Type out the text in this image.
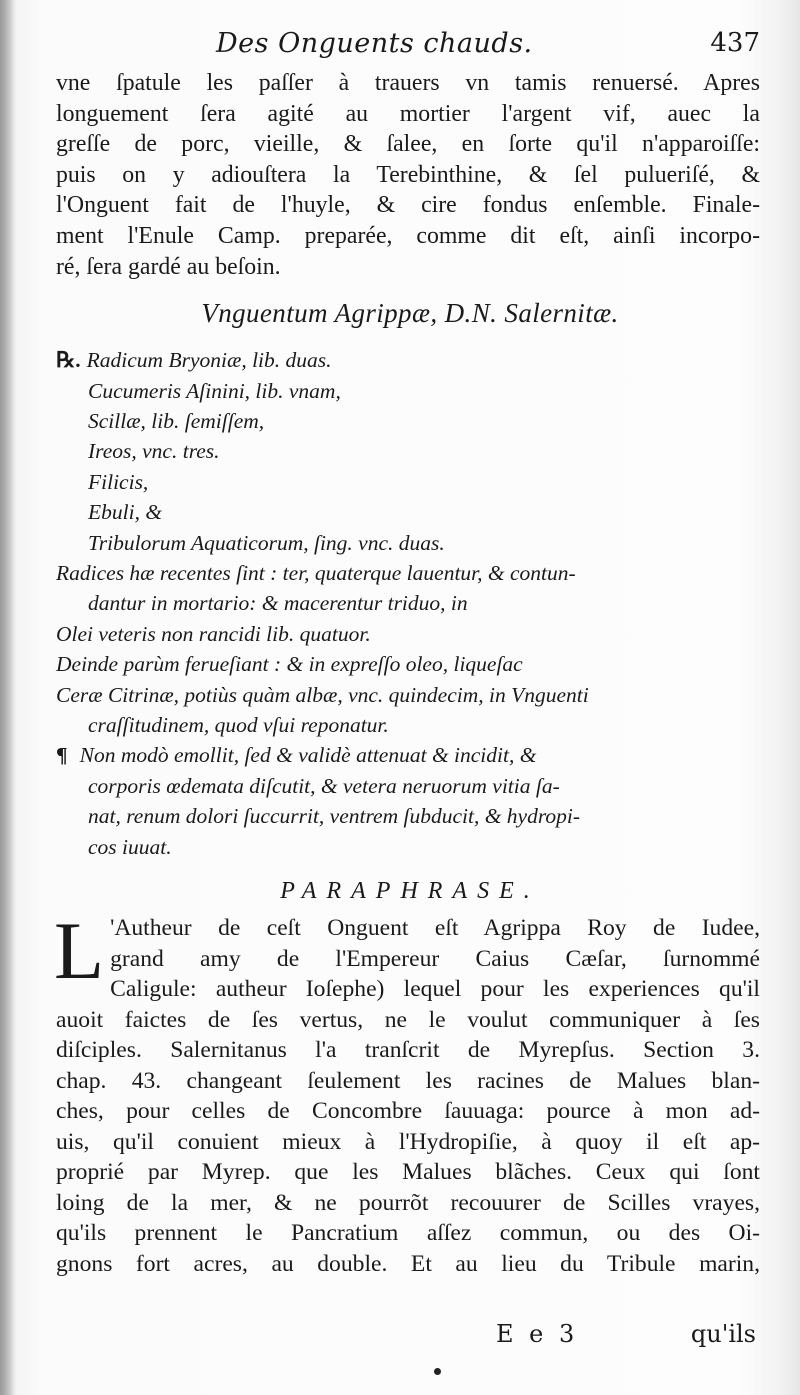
Des Onguents chauds.	437
vne ſpatule les paſſer à trauers vn tamis renuersé. Apres
longuement ſera agité au mortier l'argent vif, auec la
greſſe de porc, vieille, & ſalee, en ſorte qu'il n'apparoiſſe:
puis on y adiouſtera la Terebinthine, & ſel pulueriſé, &
l'Onguent fait de l'huyle, & cire fondus enſemble. Finale-
ment l'Enule Camp. preparée, comme dit eſt, ainſi incorpo-
ré, ſera gardé au beſoin.
Vnguentum Agrippæ, D.N. Salernitæ.
℞. Radicum Bryoniæ, lib. duas.
Cucumeris Aſinini, lib. vnam,
Scillæ, lib. ſemiſſem,
Ireos, vnc. tres.
Filicis,
Ebuli, &
Tribulorum Aquaticorum, ſing. vnc. duas.
Radices hæ recentes ſint : ter, quaterque lauentur, & contun-
dantur in mortario: & macerentur triduo, in
Olei veteris non rancidi lib. quatuor.
Deinde parùm ferueſiant : & in expreſſo oleo, liqueſac
Ceræ Citrinæ, potiùs quàm albæ, vnc. quindecim, in Vnguenti
craſſitudinem, quod vſui reponatur.
¶ Non modò emollit, ſed & validè attenuat & incidit, &
corporis œdemata diſcutit, & vetera neruorum vitia ſa-
nat, renum dolori ſuccurrit, ventrem ſubducit, & hydropi-
cos iuuat.
PARAPHRASE.
L 'Autheur de ceſt Onguent eſt Agrippa Roy de Iudee,
grand amy de l'Empereur Caius Cæſar, ſurnommé
Caligule: autheur Ioſephe) lequel pour les experiences qu'il
auoit faictes de ſes vertus, ne le voulut communiquer à ſes
diſciples. Salernitanus l'a tranſcrit de Myrepſus. Section 3.
chap. 43. changeant ſeulement les racines de Malues blan-
ches, pour celles de Concombre ſauuaga: pource à mon ad-
uis, qu'il conuient mieux à l'Hydropiſie, à quoy il eſt ap-
proprié par Myrep. que les Malues blãches. Ceux qui ſont
loing de la mer, & ne pourrõt recouurer de Scilles vrayes,
qu'ils prennent le Pancratium aſſez commun, ou des Oi-
gnons fort acres, au double. Et au lieu du Tribule marin,
E e 3	qu'ils
